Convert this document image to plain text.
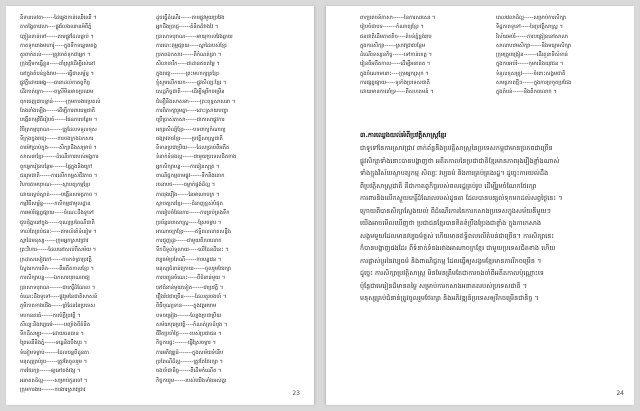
និទានទេវតា------ដៃឆ្វេងកាន់ឈើឈើ ។
តាតង្វៃតាវេលា----ផ្លូវរំលងឈានអំពីភ្នំ
ញៀនតាន់ទៅ------តាមផ្លូវដែលធ្លាប់ ។
កាតទូករោងមហារ៉ូ-----ក្នុងទឹកទន្លេមេគង្គ
គួរពាក់គល់------ត្រូវចាត់ទុកជាអ្នក ។
ក្រុងថ្មីមកធ្វើខ្លួន-----ដាំស្រូវដើម្បីរស់នៅ
នៅក្នុងតំបន់ខ្ពង់រាប------ធ្វើជាសម្ព័ន្ធ ។
ផ្លូវក្តីដោយអង្គ----ធានាដល់កាតព្វកិច្ច
ដើរកាត់ក្រោ------ពស្រីមិនអាចប្រឈម
ពុកចេញជាបន្ទាន់-------ក្រុមការងារប្រគល់
តែងតាំងឡើង------ដើម្បីការពារធម្មជាតិ
បង្កើតកម្មវិធីរៀបចំ------ផែនការបន្ថែម ។
វិចិត្រកម្មបុរាណ-------គ្រូដែលទទួលខុស
ទីក្រុងក្នុងរាជ្យ------ការចងក្រងឯកសារ
តាម៉ៅប្រាប់ក្នុង------សិក្សាដឹងសម្រាប់ ។
សាសនាខ្មែរ-------ដំណើរការរបស់អង្គការ
ពួកអ្នករៀនបន្ថែម-------ផ្ទៃក្នុងនិងក្រៅ
ជនរួមជាតិ------ការលើកកម្ពស់ជីវភាព ។
វិហារតាមបុរាណ------ស្ថាបត្យកម្មខ្មែរ
ដោយស្ងប់ស្ងាត់------បង្កើនសមត្ថភាព ។
កម្មវិធីសម្ព័ន្ធ------កសិកម្មជាមូលដ្ឋាន
ការអប់រំផ្សព្វផ្សាយ-----ចំណេះដឹងទូទៅ
ជួបជុំគ្នានៅក្នុង------បុណ្យប្រពៃណីជាតិ
ទាល់តែគ្រប់ជនៈ-----តាមលំនាំទំនៀម ។
ស្នាដៃមនុស្ស------ក្រុមអ្នកស្រាវជ្រាវ
ព្រះវិហារ------ដែលនៅសល់ពីសម័យ ។
ក្រដាសសៀវភៅ------ការកត់ត្រាប្រវត្តិ
ស្វែងរកការពិត------ពីអតីតកាលខ្មែរ ។
ការសិក្សាបន្ត-----ឯកសារបុរាណរាជ្យ
ប្រាសាទបុរាណ-------ជាកេរ្តិ៍ដំណែល ។
ចំណេះដឹងទូទៅ-----ផ្លូវរួមនៃជាតិសាសន៍
ភូមិភាគខាងជើង------ព្រំដែននៃប្រទេស
មហានគរធំ------ការបំភ្លឺប្រវត្តិ ។
សិល្បៈនិងវប្បធម៌------បញ្ចាំងពីគំនិត
ទឹកដីសម្បូរ------ដោយធនធាន ។
ព្រៃឈើនិងភ្នំ------ទន្លេនិងបឹងបួរ ។
ទំនៀមទម្លាប់-------ដែលបន្តពីដូនតា
មនុស្សគ្រប់រូប------ត្រូវតែចូលរួម ។
ការថែរក្សា------ឲ្យនៅគង់វង្ស ។
អនាគតដ៏ល្អ------សម្រាប់កូនចៅ ។
ក្រុមការងារ-------ការងារស្រាវជ្រាវ
ដូចធ្វើដំណើរ------តាមផ្លូវមួយប្រវែង
អ្នកដឹងប្រាជ្ញ------គំនិតដ៏វាងវៃ ។
ប្រាសាទបុរាណ------អាយុកាលវែងឆ្ងាយ
ការបោះពុម្ពផ្សាយ-----ស្នាដៃរបស់ខ្មែរ
ប្រភពឯកសារ------ពីកំណត់ត្រា ។
សិលាចារឹក-----ជាដានឥតតម្លៃ ។
ក្នុងរាជ្យ--------ព្រះមហាក្សត្រខ្មែរ
ខ្ញុំសូមលើកយក------ផ្លូវសិល្បៈខ្មែរ ។
សេដ្ឋកិច្ចជាតិ------ដើម្បីឲ្យរីកចម្រើន
ជំនឿនិងសាសនា------ព្រះពុទ្ធសាសនា ។
ការពិភាក្សារួមគ្នា-----ដោះស្រាយបញ្ហា
ប្រើប្រាស់ភាសា------ជាភាសាផ្លូវការ
អក្សរសិល្ប៍ខ្មែរ-----បទពាក្យកំណាព្យ
ពង្សាវតារខ្មែរ------ប្រវត្តិសាស្ត្រជាតិ
និទានប្រជាប្រិយ-----ដែលប្រាប់ពីអតីត
ទំនាក់ទំនងល្អ------ជាមួយប្រទេសជិតខាង
អ្នកសិក្សាបន្ត-----ការរៀនសូត្រ ។
ពាណិជ្ជកម្មតាមផ្លូវ------ទឹកនិងគោក
រចនាបថ------ចម្លាក់ផ្ចង់ដ៏ល្អ ។
ភាពរុងរឿង------នៃអាណាចក្រ ។
ស្ថាបត្យករខ្មែរ-----ជំនាញខ្ពស់បំផុត
ការរៀបចំផែនការ------ការគ្រប់គ្រងទឹក
ប្រព័ន្ធធារាសាស្ត្រ-----ស្រែចម្ការ ។
អាណាចក្រខ្មែរ------ឥទ្ធិពលលាតសន្ធឹង
ការជួញដូរ------ជាមួយពិភពលោក
ទឹកដីទូលំទូលាយ-----លើដែនដីនេះ ។
វប្បធម៌ប្រពៃណី------ការបន្តវេន ។
មនុស្សជំនាន់ក្រោយ------ចូលរួមថែរក្សា
ការបញ្ជូនចំណេះ-----ពីជំនាន់មួយ ។
ទៅជំនាន់មួយទៀត------ជាប្រវត្តិ ។
រឿងរ៉ាវជាច្រើន------ដែលគួរចងចាំ ។
ពិធីបុណ្យទាន------ក្នុងវត្តអារាម
បទចម្រៀង-------ល្បែងប្រជាប្រិយ
សម័យបុរេប្រវត្តិ----កំណត់ត្រាដំបូង ។
ជីវិតប្រចាំថ្ងៃ------របស់ប្រជាជន ។
កិច្ចការផ្ទះ-------ធ្វើស្រែចម្ការ ។
ការអភិវឌ្ឍន៍-------ក្នុងសម័យទំនើប
ប្រពៃណីដ៏ល្អ-------ត្រូវតែថែរក្សា ។
ចងចាំជានិច្ច------ពីដើមកំណើត ។
កិច្ចការរួម------របស់យើងទាំងអស់គ្នា
23
ពាក្យពេចន៍ភាសា------នៃការសរសេរ ។
រៀបចំជាបទ-------កំណាព្យខ្មែរ ។
ជនជាតិដើមភាគតិច----តំបន់ភ្នំខ្ពង់រាប
ក្នុងការសិក្សា------ស្រាវជ្រាវបន្ថែម
ដំណើរទស្សនកិច្ច------ទៅកាន់ខេត្ត ។
រៀនពីអតីតកាល-----ដើម្បីអនាគត ។
ក្នុងចំណោមនោះ----ក្រុមអ្នកស្រុក ។
ការផ្សព្វផ្សាយ-----ទូទាំងប្រទេសជាតិ
ដោយមានការគាំទ្រ-----ពីសហគមន៍ ។
ពេលវេលាដ៏ល្អ-----សម្រាប់ការសិក្សា
ទិដ្ឋភាពទូទៅ-----នៃប្រវត្តិសាស្ត្រ ។
វិស័យអប់រំ------ការបង្រៀននៅសាលា
សាលាបឋមសិក្សា------និងមធ្យមសិក្សា
ក្រុមគ្រូបង្រៀន-------ដើរតួនាទីសំខាន់
ក្នុងការអប់រំ------កុមារនិងយុវជន ។
ទំនួលខុសត្រូវ------ចំពោះសង្គមជាតិ
សមត្ថភាពថ្មីៗ------ក្នុងការប្រកួតប្រជែង
ក្នុងតំបន់------និងពិភពលោក ។
៣.ការឈ្វេងយល់អំពីប្រវត្តិសាស្ត្រខ្មែរ
ជាទូទៅនៃការស្រាវជ្រាវ ពាក់ព័ន្ធនឹងប្រវត្តិសាស្ត្រនៃប្រទេសកម្ពុជាមានប្រភពជាច្រើន
ផ្លូវសិក្សាទាំងនោះបានបង្ហាញថា អតីតកាលនៃប្រជាជាតិខ្មែរមានភាពរុងរឿងខ្លាំងណាស់
ទាំងក្នុងវិស័យស្ថាបត្យកម្ម សិល្បៈ វប្បធម៌ និងការគ្រប់គ្រងរដ្ឋ។ ដូច្នេះការយល់ដឹង
ពីប្រវត្តិសាស្ត្រជាតិ គឺជាកាតព្វកិច្ចរបស់ពលរដ្ឋគ្រប់រូប ដើម្បីរួមចំណែកថែរក្សា
ការពារនិងលើកស្ទួយកេរ្តិ៍ដំណែលរបស់ដូនតា ដែលបានបន្សល់ទុកមកដល់សព្វថ្ងៃនេះ ។
ក្រោយពីបានសិក្សាស្វែងយល់ ពីដំណើរការនៃការកសាងប្រទេសក្នុងសម័យនីមួយៗ
យើងអាចមើលឃើញថា ប្រជាជនខ្មែរបានខិតខំប្រឹងប្រែងជាខ្លាំង ក្នុងការកសាង
សង្គមមួយដែលមានវប្បធម៌ខ្ពស់ ហើយមានឥទ្ធិពលលើតំបន់ជាច្រើន។ ការសិក្សានេះ
ក៏បានបង្ហាញផងដែរ ពីទំនាក់ទំនងរវាងអាណាចក្រខ្មែរ ជាមួយប្រទេសជិតខាង ហើយ
ការផ្លាស់ប្តូរនៃវប្បធម៌ និងពាណិជ្ជកម្ម ដែលធ្វើឲ្យសង្គមខ្មែរមានការរីកចម្រើន ។
ដូច្នេះ ការសិក្សាប្រវត្តិសាស្ត្រ មិនមែនត្រឹមតែជាការចងចាំពីអតីតកាលប៉ុណ្ណោះទេ
ប៉ុន្តែជាមេរៀនដ៏មានតម្លៃ សម្រាប់ការកសាងអនាគតរបស់ប្រទេសជាតិ ។
មនុស្សគ្រប់ជំនាន់ត្រូវចូលរួមថែរក្សា និងអភិវឌ្ឍន៍ប្រទេសឲ្យរីកចម្រើនជានិច្ច ។
24
